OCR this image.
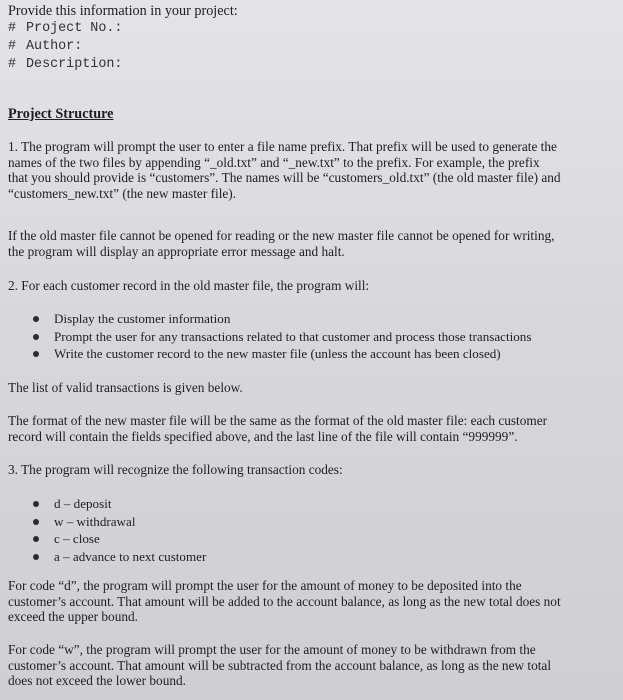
Provide this information in your project:
# Project No.:
# Author:
# Description:
Project Structure
1. The program will prompt the user to enter a file name prefix. That prefix will be used to generate the
names of the two files by appending “_old.txt” and “_new.txt” to the prefix. For example, the prefix
that you should provide is “customers”. The names will be “customers_old.txt” (the old master file) and
“customers_new.txt” (the new master file).
If the old master file cannot be opened for reading or the new master file cannot be opened for writing,
the program will display an appropriate error message and halt.
2. For each customer record in the old master file, the program will:
Display the customer information
Prompt the user for any transactions related to that customer and process those transactions
Write the customer record to the new master file (unless the account has been closed)
The list of valid transactions is given below.
The format of the new master file will be the same as the format of the old master file: each customer
record will contain the fields specified above, and the last line of the file will contain “999999”.
3. The program will recognize the following transaction codes:
d – deposit
w – withdrawal
c – close
a – advance to next customer
For code “d”, the program will prompt the user for the amount of money to be deposited into the
customer’s account. That amount will be added to the account balance, as long as the new total does not
exceed the upper bound.
For code “w”, the program will prompt the user for the amount of money to be withdrawn from the
customer’s account. That amount will be subtracted from the account balance, as long as the new total
does not exceed the lower bound.
